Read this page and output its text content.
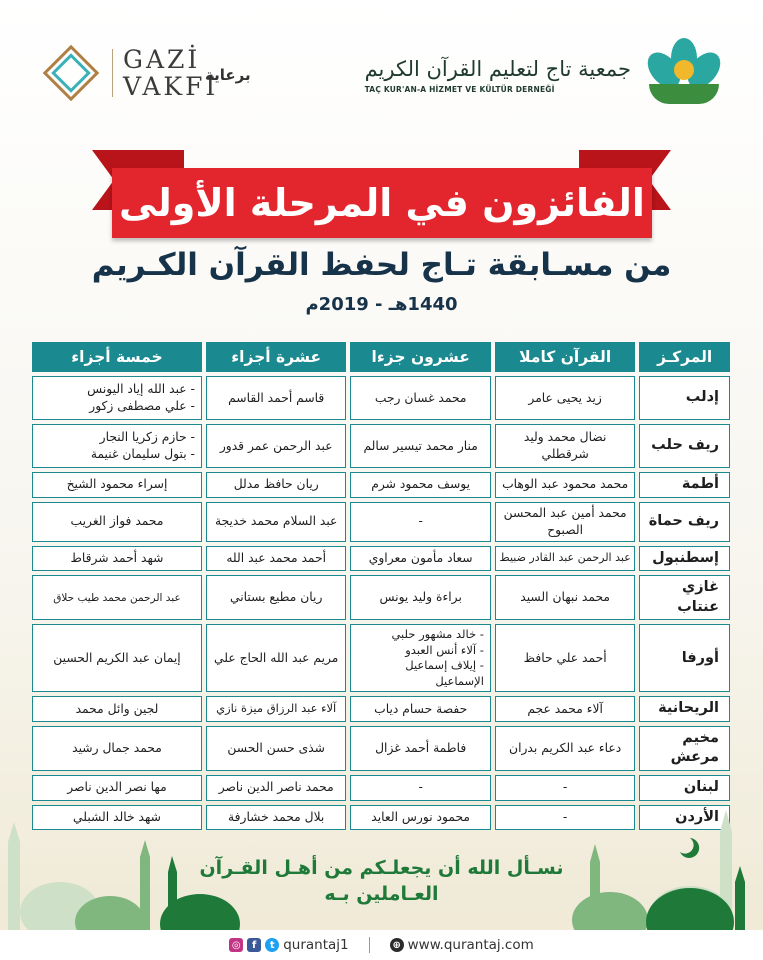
GAZİ
VAKFI
برعاية	جمعية تاج لتعليم القرآن الكريم
TAÇ KUR'AN-A HİZMET VE KÜLTÜR DERNEĞİ
الفائزون في المرحلة الأولى
من مسـابقة تـاج لحفظ القرآن الكـريم
1440هـ - 2019م
المركـز	القرآن كاملا	عشرون جزءا	عشرة أجزاء	خمسة أجزاء
إدلب	زيد يحيى عامر	محمد غسان رجب	قاسم أحمد القاسم	- عبد الله إياد اليونس
- علي مصطفى زكور

ريف حلب	نضال محمد وليد شرقطلي	منار محمد تيسير سالم	عبد الرحمن عمر قدور	- حازم زكريا النجار
- بتول سليمان غنيمة

أطمة	محمد محمود عبد الوهاب	يوسف محمود شرم	ريان حافظ مدلل	إسراء محمود الشيخ
ريف حماة	محمد أمين عبد المحسن الصبوح	-	عبد السلام محمد خديجة	محمد فواز الغريب
إسطنبول	عبد الرحمن عبد القادر ضبيط	سعاد مأمون معراوي	أحمد محمد عبد الله	شهد أحمد شرقاط
غازي عنتاب	محمد نبهان السيد	براءة وليد يونس	ريان مطيع بستاني	عبد الرحمن محمد طيب حلاق
أورفا	أحمد علي حافظ	- خالد مشهور حلبي
- آلاء أنس العبدو
- إيلاف إسماعيل الإسماعيل	مريم عبد الله الحاج علي	إيمان عبد الكريم الحسين
الريحانية	آلاء محمد عجم	حفصة حسام دياب	آلاء عبد الرزاق ميزة نازي	لجين وائل محمد
مخيم مرعش	دعاء عبد الكريم بدران	فاطمة أحمد غزال	شذى حسن الحسن	محمد جمال رشيد
لبنان	-	-	محمد ناصر الدين ناصر	مها نصر الدين ناصر
الأردن	-	محمود نورس العايد	بلال محمد خشارفة	شهد خالد الشبلي
نسـأل الله أن يجعلـكم من أهـل القـرآن
العـاملين بـه
◎	f	t qurantaj1	⊕ www.qurantaj.com
